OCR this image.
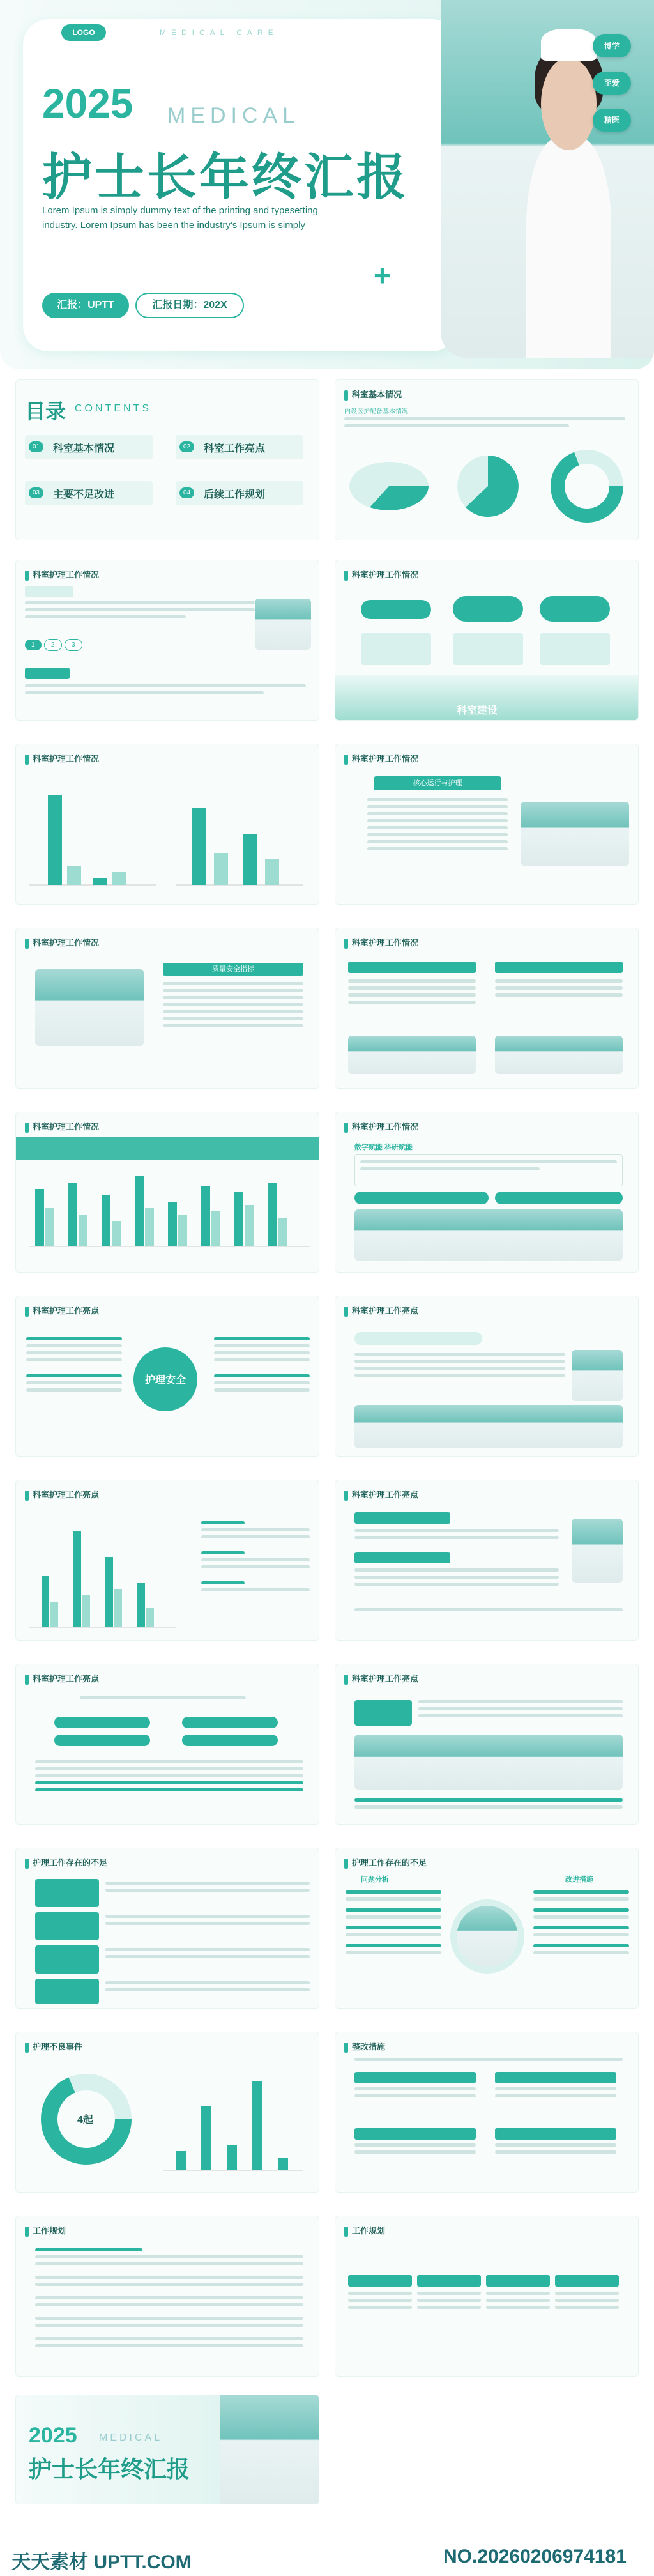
LOGO	MEDICAL CARE
2025 MEDICAL
护士长年终汇报
Lorem Ipsum is simply dummy text of the printing and typesetting industry. Lorem Ipsum has been the industry's Ipsum is simply
汇报：UPTT	汇报日期：202X
+
博学
至爱
精医
目录 CONTENTS
01	科室基本情况	02	科室工作亮点
03	主要不足改进	04	后续工作规划
科室基本情况
内设医护配备基本情况
科室护理工作情况
1	2	3
科室护理工作情况
科室建设
科室护理工作情况	科室护理工作情况
核心运行与护理
科室护理工作情况
质量安全指标
科室护理工作情况
科室护理工作情况	科室护理工作情况
数字赋能 科研赋能
科室护理工作亮点
护理安全
科室护理工作亮点
科室护理工作亮点	科室护理工作亮点
科室护理工作亮点	科室护理工作亮点
护理工作存在的不足	护理工作存在的不足
问题分析	改进措施
护理不良事件
4起
整改措施
工作规划	工作规划
2025 MEDICAL
护士长年终汇报
天天素材 UPTT.COM	NO.20260206974181
